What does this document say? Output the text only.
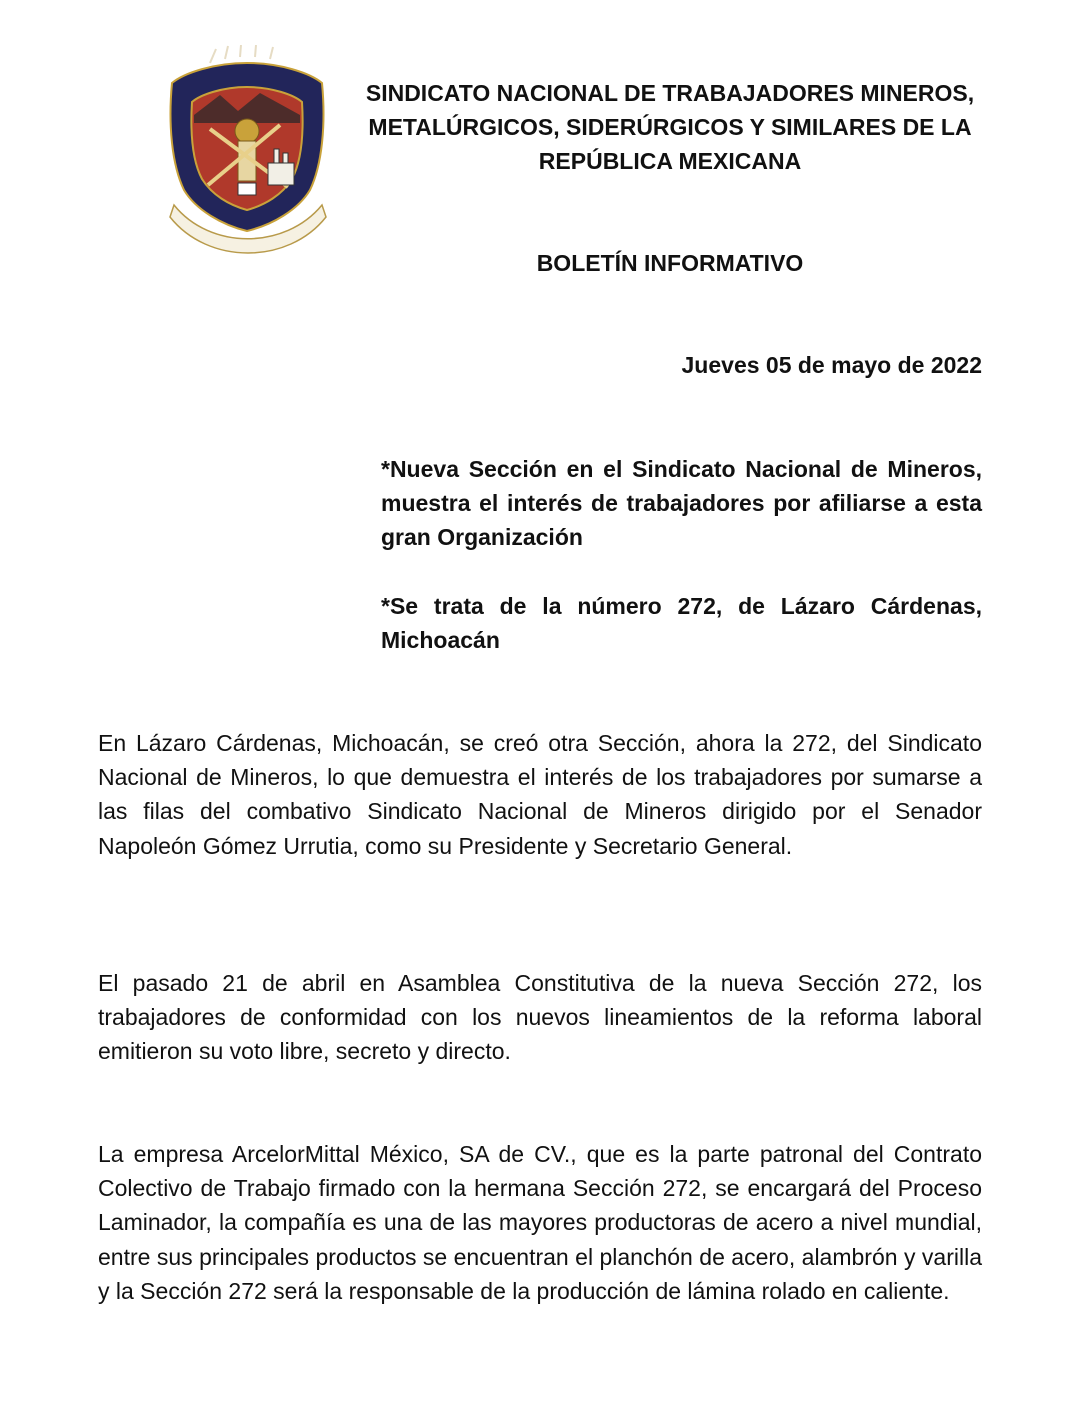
SINDICATO NACIONAL DE TRABAJADORES MINEROS,
METALÚRGICOS, SIDERÚRGICOS Y SIMILARES DE LA
REPÚBLICA MEXICANA
BOLETÍN INFORMATIVO
Jueves 05 de mayo de 2022
*Nueva Sección en el Sindicato Nacional de Mineros, muestra el interés de trabajadores por afiliarse a esta gran Organización
*Se trata de la número 272, de Lázaro Cárdenas, Michoacán
En Lázaro Cárdenas, Michoacán, se creó otra Sección, ahora la 272, del Sindicato Nacional de Mineros, lo que demuestra el interés de los trabajadores por sumarse a las filas del combativo Sindicato Nacional de Mineros dirigido por el Senador Napoleón Gómez Urrutia, como su Presidente y Secretario General.
El pasado 21 de abril en Asamblea Constitutiva de la nueva Sección 272, los trabajadores de conformidad con los nuevos lineamientos de la reforma laboral emitieron su voto libre, secreto y directo.
La empresa ArcelorMittal México, SA de CV., que es la parte patronal del Contrato Colectivo de Trabajo firmado con la hermana Sección 272, se encargará del Proceso Laminador, la compañía es una de las mayores productoras de acero a nivel mundial, entre sus principales productos se encuentran el planchón de acero, alambrón y varilla y la Sección 272 será la responsable de la producción de lámina rolado en caliente.
